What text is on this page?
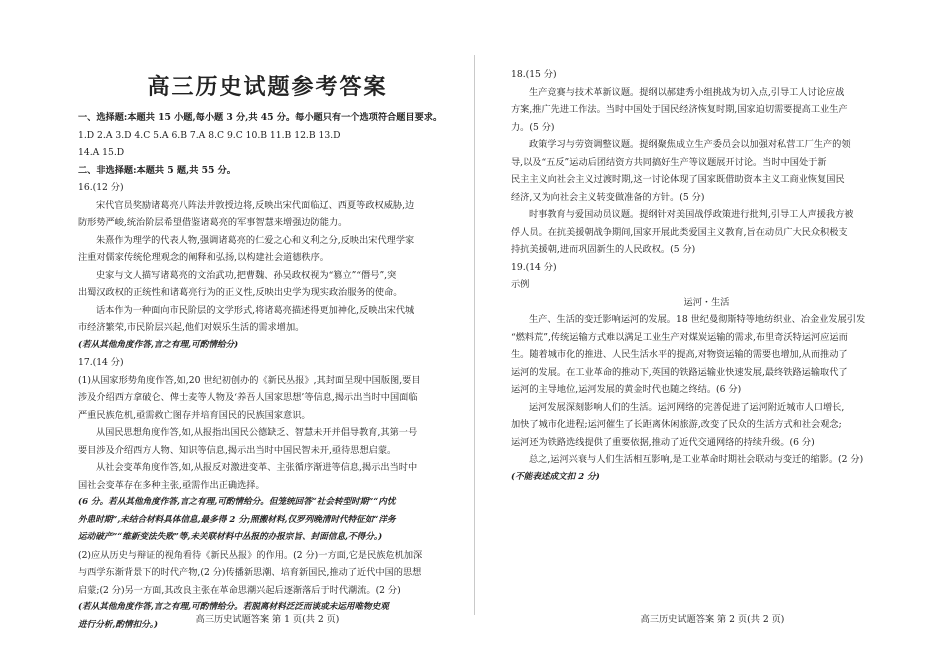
高三历史试题参考答案
一、选择题:本题共 15 小题,每小题 3 分,共 45 分。每小题只有一个选项符合题目要求。
1.D 2.A 3.D 4.C 5.A 6.B 7.A 8.C 9.C 10.B 11.B 12.B 13.D
14.A 15.D
二、非选择题:本题共 5 题,共 55 分。
16.(12 分)
宋代官员奖励诸葛亮八阵法并敦授边将,反映出宋代面临辽、西夏等政权威胁,边
防形势严峻,统治阶层希望借鉴诸葛亮的军事智慧来增强边防能力。
朱熹作为理学的代表人物,强调诸葛亮的仁爱之心和义利之分,反映出宋代理学家
注重对儒家传统伦理观念的阐释和弘扬,以构建社会道德秩序。
史家与文人描写诸葛亮的文治武功,把曹魏、孙吴政权视为“篡立”“僭号”,突
出蜀汉政权的正统性和诸葛亮行为的正义性,反映出史学为现实政治服务的使命。
话本作为一种面向市民阶层的文学形式,将诸葛亮描述得更加神化,反映出宋代城
市经济繁荣,市民阶层兴起,他们对娱乐生活的需求增加。
(若从其他角度作答,言之有理,可酌情给分)
17.(14 分)
(1)从国家形势角度作答,如,20 世纪初创办的《新民丛报》,其封面呈现中国版图,要目
涉及介绍西方拿破仑、俾士麦等人物及‘养吾人国家思想’等信息,揭示出当时中国面临
严重民族危机,亟需救亡图存并培育国民的民族国家意识。
从国民思想角度作答,如,从报指出国民公德缺乏、智慧未开并倡导教育,其第一号
要目涉及介绍西方人物、知识等信息,揭示出当时中国民智未开,亟待思想启蒙。
从社会变革角度作答,如,从报反对激进变革、主张循序渐进等信息,揭示出当时中
国社会变革存在多种主张,亟需作出正确选择。
(6 分。若从其他角度作答,言之有理,可酌情给分。但笼统回答“社会转型时期”“内忧
外患时期”,未结合材料具体信息,最多得 2 分;照搬材料,仅罗列晚清时代特征如“洋务
运动破产”“维新变法失败”等,未关联材料中丛报的办报宗旨、封面信息,不得分。)
(2)应从历史与辩证的视角看待《新民丛报》的作用。(2 分)一方面,它是民族危机加深
与西学东渐背景下的时代产物,(2 分)传播新思潮、培育新国民,推动了近代中国的思想
启蒙;(2 分)另一方面,其改良主张在革命思潮兴起后逐渐落后于时代潮流。(2 分)
(若从其他角度作答,言之有理,可酌情给分。若脱离材料泛泛而谈或未运用唯物史观
进行分析,酌情扣分。)
18.(15 分)
生产竞赛与技术革新议题。提纲以郝建秀小组挑战为切入点,引导工人讨论应战
方案,推广先进工作法。当时中国处于国民经济恢复时期,国家迫切需要提高工业生产
力。(5 分)
政策学习与劳资调整议题。提纲聚焦成立生产委员会以加强对私营工厂生产的领
导,以及“五反”运动后团结资方共同搞好生产等议题展开讨论。当时中国处于新
民主主义向社会主义过渡时期,这一讨论体现了国家既借助资本主义工商业恢复国民
经济,又为向社会主义转变做准备的方针。(5 分)
时事教育与爱国动员议题。提纲针对美国战俘政策进行批判,引导工人声援我方被
俘人员。在抗美援朝战争期间,国家开展此类爱国主义教育,旨在动员广大民众积极支
持抗美援朝,进而巩固新生的人民政权。(5 分)
19.(14 分)
示例
运河・生活
生产、生活的变迁影响运河的发展。18 世纪曼彻斯特等地纺织业、冶金业发展引发
“燃料荒”,传统运输方式难以满足工业生产对煤炭运输的需求,布里奇沃特运河应运而
生。随着城市化的推进、人民生活水平的提高,对物资运输的需要也增加,从而推动了
运河的发展。在工业革命的推动下,英国的铁路运输业快速发展,最终铁路运输取代了
运河的主导地位,运河发展的黄金时代也随之终结。(6 分)
运河发展深刻影响人们的生活。运河网络的完善促进了运河附近城市人口增长,
加快了城市化进程;运河催生了长距离休闲旅游,改变了民众的生活方式和社会观念;
运河还为铁路选线提供了重要依据,推动了近代交通网络的持续升级。(6 分)
总之,运河兴衰与人们生活相互影响,是工业革命时期社会联动与变迁的缩影。(2 分)
(不能表述成文扣 2 分)
高三历史试题答案 第 1 页(共 2 页)	高三历史试题答案 第 2 页(共 2 页)
